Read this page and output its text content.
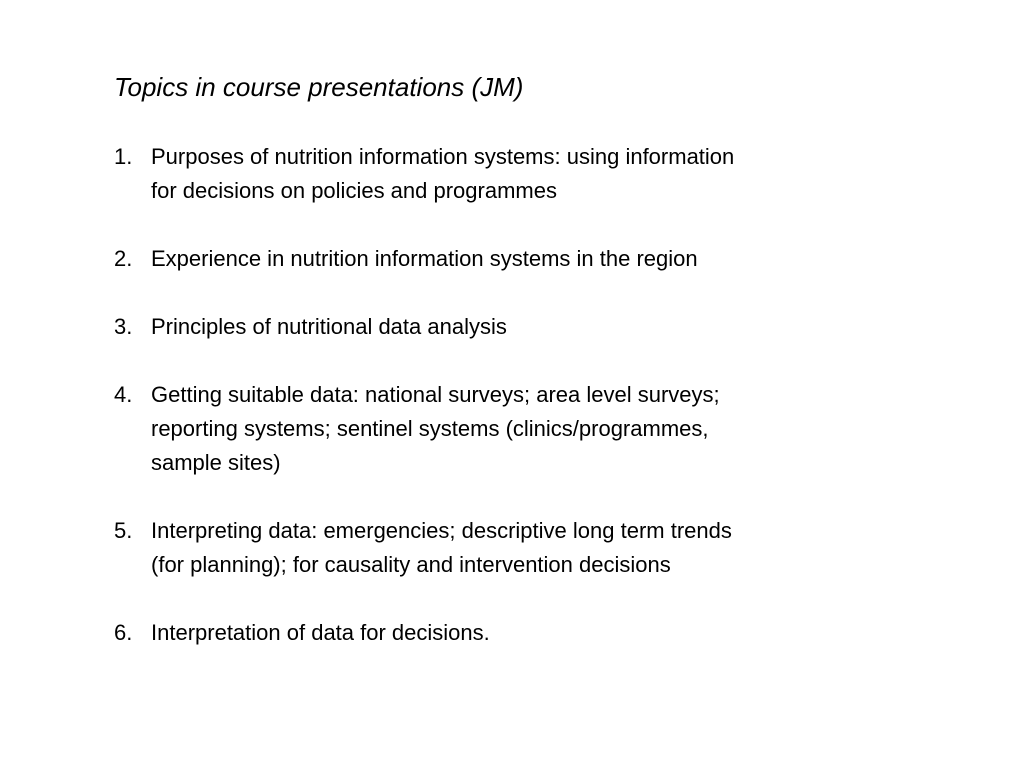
Topics in course presentations (JM)
1. Purposes of nutrition information systems: using information
for decisions on policies and programmes
2. Experience in nutrition information systems in the region
3. Principles of nutritional data analysis
4. Getting suitable data: national surveys; area level surveys;
reporting systems; sentinel systems (clinics/programmes,
sample sites)
5. Interpreting data: emergencies; descriptive long term trends
(for planning); for causality and intervention decisions
6. Interpretation of data for decisions.
